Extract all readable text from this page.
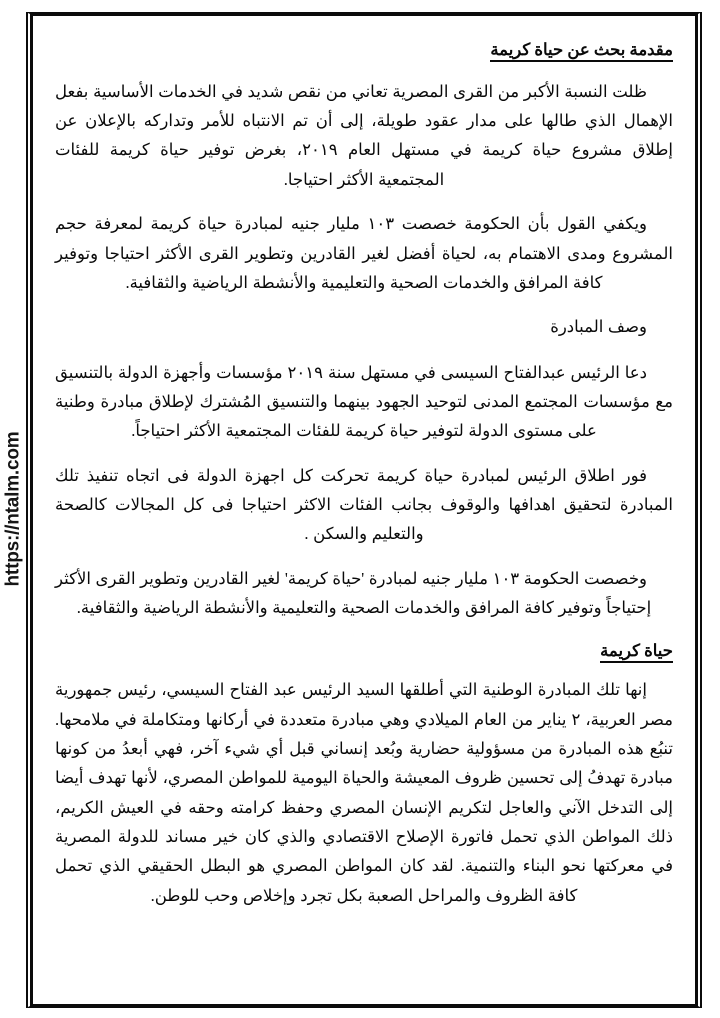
https://ntalm.com
مقدمة بحث عن حياة كريمة

ظلت النسبة الأكبر من القرى المصرية تعاني من نقص شديد في الخدمات الأساسية بفعل الإهمال الذي طالها على مدار عقود طويلة، إلى أن تم الانتباه للأمر وتداركه بالإعلان عن إطلاق مشروع حياة كريمة في مستهل العام ٢٠١٩، بغرض توفير حياة كريمة للفئات المجتمعية الأكثر احتياجا.

ويكفي القول بأن الحكومة خصصت ١٠٣ مليار جنيه لمبادرة حياة كريمة لمعرفة حجم المشروع ومدى الاهتمام به، لحياة أفضل لغير القادرين وتطوير القرى الأكثر احتياجا وتوفير كافة المرافق والخدمات الصحية والتعليمية والأنشطة الرياضية والثقافية.

وصف المبادرة

دعا الرئيس عبدالفتاح السيسى في مستهل سنة ٢٠١٩ مؤسسات وأجهزة الدولة بالتنسيق مع مؤسسات المجتمع المدنى لتوحيد الجهود بينهما والتنسيق المُشترك لإطلاق مبادرة وطنية على مستوى الدولة لتوفير حياة كريمة للفئات المجتمعية الأكثر احتياجاً.

فور اطلاق الرئيس لمبادرة حياة كريمة تحركت كل اجهزة الدولة فى اتجاه تنفيذ تلك المبادرة لتحقيق اهدافها والوقوف بجانب الفئات الاكثر احتياجا فى كل المجالات كالصحة والتعليم والسكن .

وخصصت الحكومة ١٠٣ مليار جنيه لمبادرة 'حياة كريمة' لغير القادرين وتطوير القرى الأكثر إحتياجاً وتوفير كافة المرافق والخدمات الصحية والتعليمية والأنشطة الرياضية والثقافية.

حياة كريمة

إنها تلك المبادرة الوطنية التي أطلقها السيد الرئيس عبد الفتاح السيسي، رئيس جمهورية مصر العربية، ٢ يناير من العام الميلادي وهي مبادرة متعددة في أركانها ومتكاملة في ملامحها. تنبُع هذه المبادرة من مسؤولية حضارية وبُعد إنساني قبل أي شيء آخر، فهي أبعدُ من كونها مبادرة تهدفُ إلى تحسين ظروف المعيشة والحياة اليومية للمواطن المصري، لأنها تهدف أيضا إلى التدخل الآني والعاجل لتكريم الإنسان المصري وحفظ كرامته وحقه في العيش الكريم، ذلك المواطن الذي تحمل فاتورة الإصلاح الاقتصادي والذي كان خير مساند للدولة المصرية في معركتها نحو البناء والتنمية. لقد كان المواطن المصري هو البطل الحقيقي الذي تحمل كافة الظروف والمراحل الصعبة بكل تجرد وإخلاص وحب للوطن.
